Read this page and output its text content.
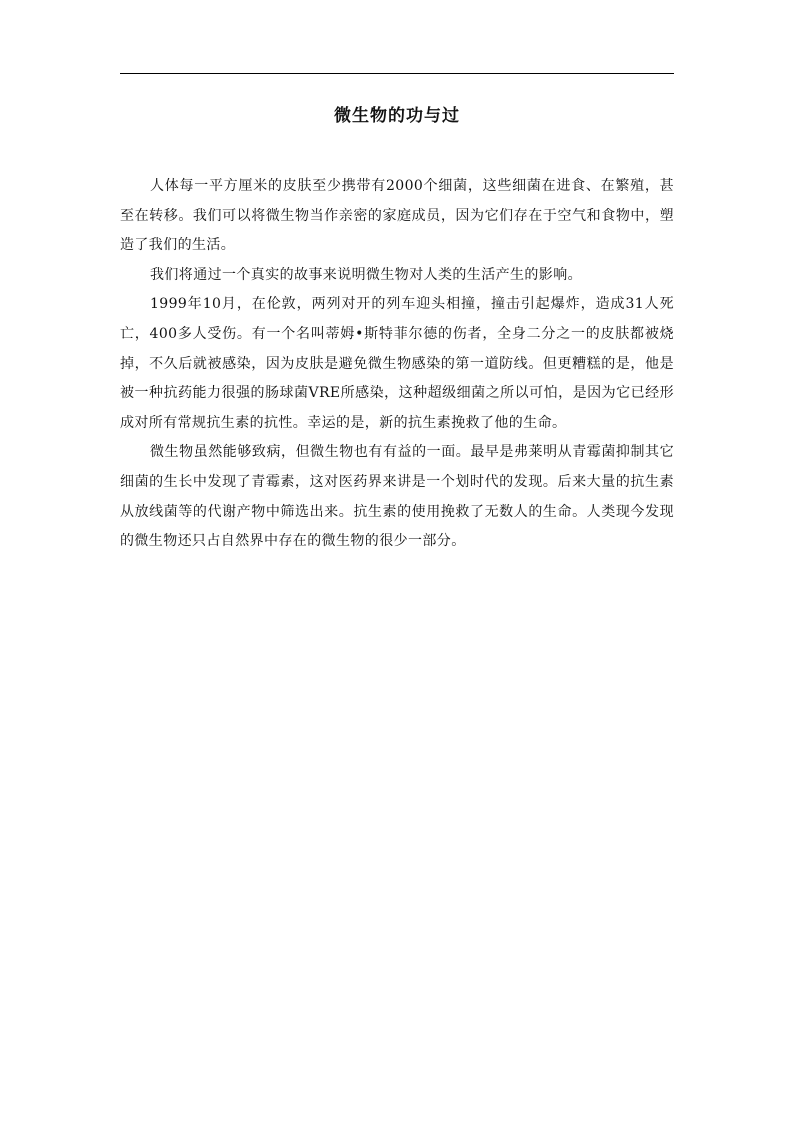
微生物的功与过

人体每一平方厘米的皮肤至少携带有2000个细菌，这些细菌在进食、在繁殖，甚至在转移。我们可以将微生物当作亲密的家庭成员，因为它们存在于空气和食物中，塑造了我们的生活。

我们将通过一个真实的故事来说明微生物对人类的生活产生的影响。

1999年10月，在伦敦，两列对开的列车迎头相撞，撞击引起爆炸，造成31人死亡，400多人受伤。有一个名叫蒂姆•斯特菲尔德的伤者，全身二分之一的皮肤都被烧掉，不久后就被感染，因为皮肤是避免微生物感染的第一道防线。但更糟糕的是，他是被一种抗药能力很强的肠球菌VRE所感染，这种超级细菌之所以可怕，是因为它已经形成对所有常规抗生素的抗性。幸运的是，新的抗生素挽救了他的生命。

微生物虽然能够致病，但微生物也有有益的一面。最早是弗莱明从青霉菌抑制其它细菌的生长中发现了青霉素，这对医药界来讲是一个划时代的发现。后来大量的抗生素从放线菌等的代谢产物中筛选出来。抗生素的使用挽救了无数人的生命。人类现今发现的微生物还只占自然界中存在的微生物的很少一部分。
